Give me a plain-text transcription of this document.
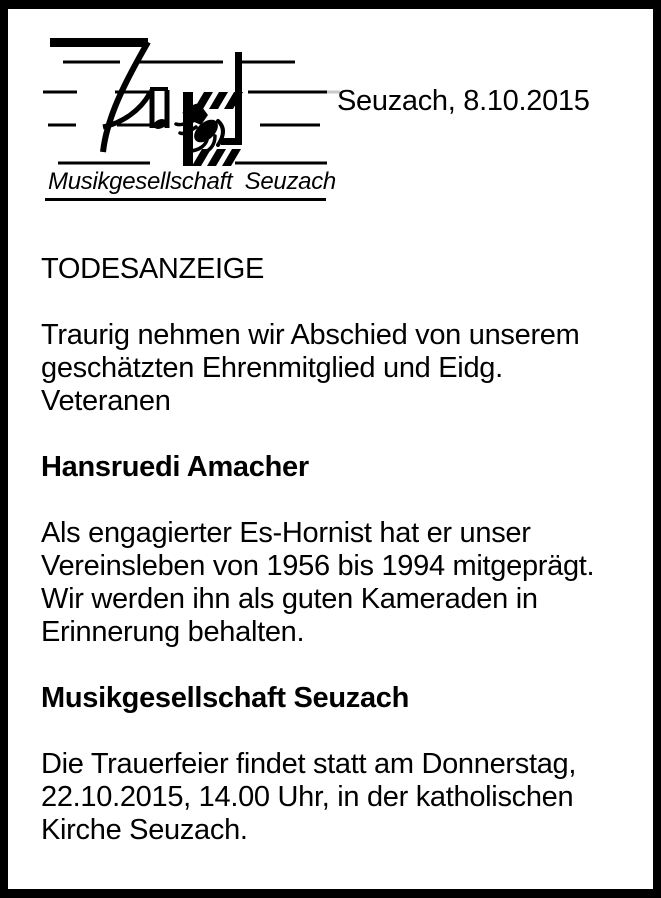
Musikgesellschaft Seuzach
Seuzach, 8.10.2015
TODESANZEIGE
Traurig nehmen wir Abschied von unserem
geschätzten Ehrenmitglied und Eidg.
Veteranen
Hansruedi Amacher
Als engagierter Es-Hornist hat er unser
Vereinsleben von 1956 bis 1994 mitgeprägt.
Wir werden ihn als guten Kameraden in
Erinnerung behalten.
Musikgesellschaft Seuzach
Die Trauerfeier findet statt am Donnerstag,
22.10.2015, 14.00 Uhr, in der katholischen
Kirche Seuzach.
